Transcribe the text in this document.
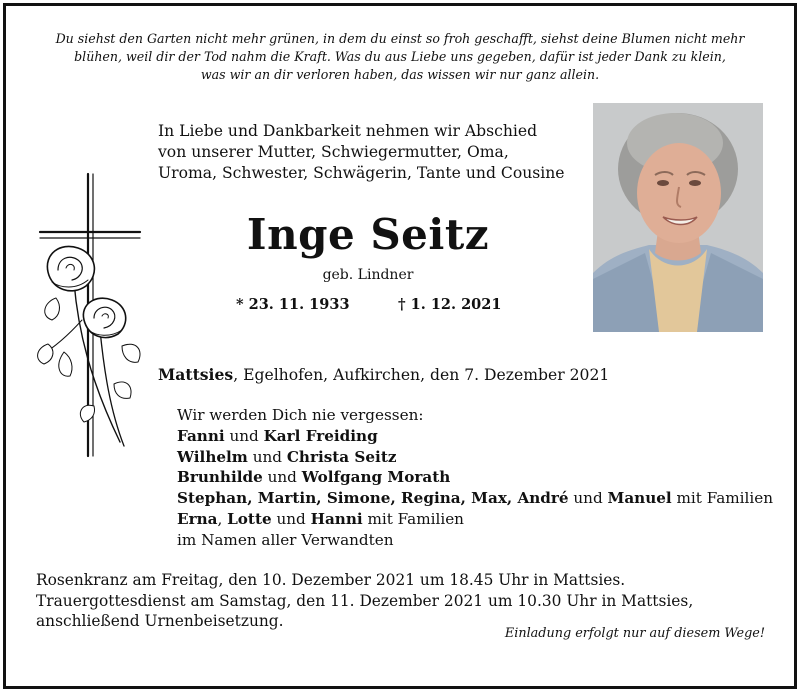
Du siehst den Garten nicht mehr grünen, in dem du einst so froh geschafft, siehst deine Blumen nicht mehr
blühen, weil dir der Tod nahm die Kraft. Was du aus Liebe uns gegeben, dafür ist jeder Dank zu klein,
was wir an dir verloren haben, das wissen wir nur ganz allein.
In Liebe und Dankbarkeit nehmen wir Abschied
von unserer Mutter, Schwiegermutter, Oma,
Uroma, Schwester, Schwägerin, Tante und Cousine
Inge Seitz
geb. Lindner
* 23. 11. 1933	† 1. 12. 2021
Mattsies, Egelhofen, Aufkirchen, den 7. Dezember 2021
Wir werden Dich nie vergessen:
Fanni und Karl Freiding
Wilhelm und Christa Seitz
Brunhilde und Wolfgang Morath
Stephan, Martin, Simone, Regina, Max, André und Manuel mit Familien
Erna, Lotte und Hanni mit Familien
im Namen aller Verwandten
Rosenkranz am Freitag, den 10. Dezember 2021 um 18.45 Uhr in Mattsies.
Trauergottesdienst am Samstag, den 11. Dezember 2021 um 10.30 Uhr in Mattsies,
anschließend Urnenbeisetzung.
Einladung erfolgt nur auf diesem Wege!
